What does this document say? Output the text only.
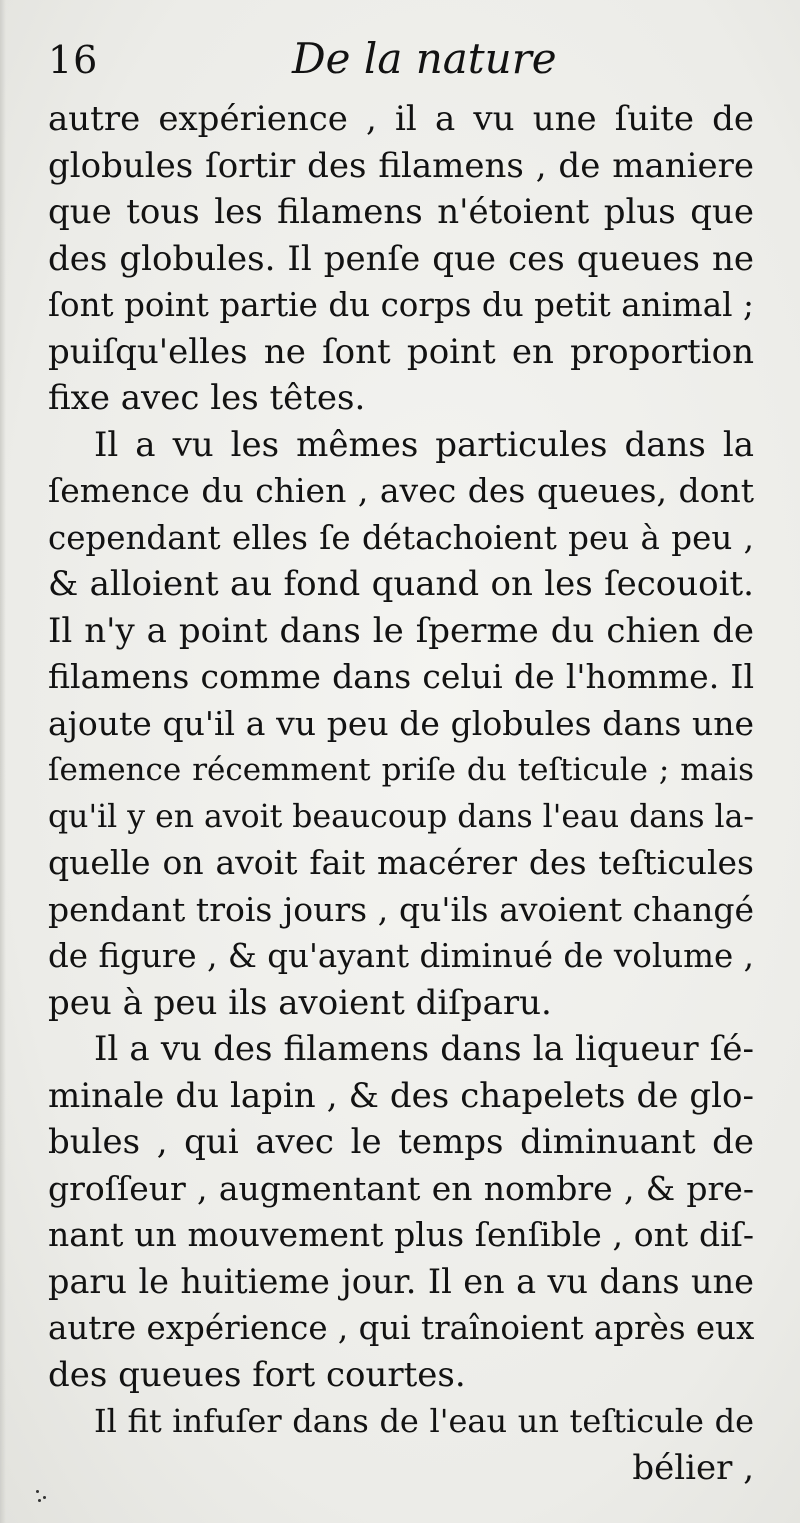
16	De la nature
autre expérience , il a vu une ſuite de
globules ſortir des filamens , de maniere
que tous les filamens n'étoient plus que
des globules. Il penſe que ces queues ne
ſont point partie du corps du petit animal ;
puiſqu'elles ne ſont point en proportion
fixe avec les têtes.
Il a vu les mêmes particules dans la
ſemence du chien , avec des queues, dont
cependant elles ſe détachoient peu à peu ,
& alloient au fond quand on les ſecouoit.
Il n'y a point dans le ſperme du chien de
filamens comme dans celui de l'homme. Il
ajoute qu'il a vu peu de globules dans une
ſemence récemment priſe du teſticule ; mais
qu'il y en avoit beaucoup dans l'eau dans la-
quelle on avoit fait macérer des teſticules
pendant trois jours , qu'ils avoient changé
de figure , & qu'ayant diminué de volume ,
peu à peu ils avoient diſparu.
Il a vu des filamens dans la liqueur ſé-
minale du lapin , & des chapelets de glo-
bules , qui avec le temps diminuant de
groſſeur , augmentant en nombre , & pre-
nant un mouvement plus ſenſible , ont diſ-
paru le huitieme jour. Il en a vu dans une
autre expérience , qui traînoient après eux
des queues fort courtes.
Il fit infuſer dans de l'eau un teſticule de
bélier ,
